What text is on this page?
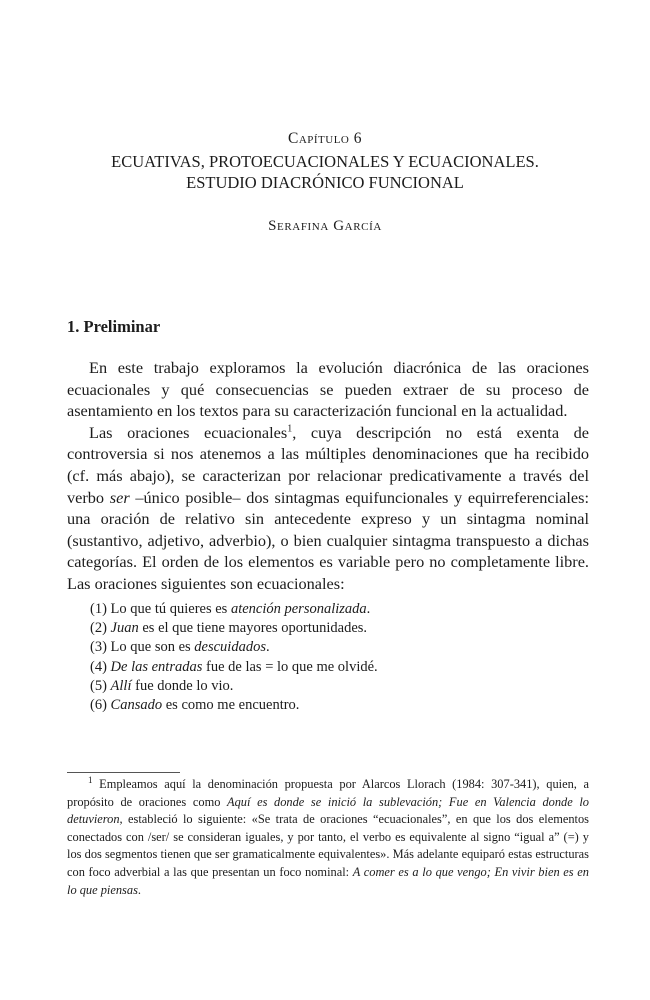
Capítulo 6
ECUATIVAS, PROTOECUACIONALES Y ECUACIONALES.
ESTUDIO DIACRÓNICO FUNCIONAL
Serafina García
1. Preliminar

En este trabajo exploramos la evolución diacrónica de las oraciones ecuacionales y qué consecuencias se pueden extraer de su proceso de asentamiento en los textos para su caracterización funcional en la actualidad.

Las oraciones ecuacionales$^1$, cuya descripción no está exenta de controversia si nos atenemos a las múltiples denominaciones que ha recibido (cf. más abajo), se caracterizan por relacionar predicativamente a través del verbo ser –único posible– dos sintagmas equifuncionales y equirreferenciales: una oración de relativo sin antecedente expreso y un sintagma nominal (sustantivo, adjetivo, adverbio), o bien cualquier sintagma transpuesto a dichas categorías. El orden de los elementos es variable pero no completamente libre. Las oraciones siguientes son ecuacionales:

(1) Lo que tú quieres es atención personalizada.
(2) Juan es el que tiene mayores oportunidades.
(3) Lo que son es descuidados.
(4) De las entradas fue de las = lo que me olvidé.
(5) Allí fue donde lo vio.
(6) Cansado es como me encuentro.

$^1$ Empleamos aquí la denominación propuesta por Alarcos Llorach (1984: 307-341), quien, a propósito de oraciones como Aquí es donde se inició la sublevación; Fue en Valencia donde lo detuvieron, estableció lo siguiente: «Se trata de oraciones “ecuacionales”, en que los dos elementos conectados con /ser/ se consideran iguales, y por tanto, el verbo es equivalente al signo “igual a” (=) y los dos segmentos tienen que ser gramaticalmente equivalentes». Más adelante equiparó estas estructuras con foco adverbial a las que presentan un foco nominal: A comer es a lo que vengo; En vivir bien es en lo que piensas.
